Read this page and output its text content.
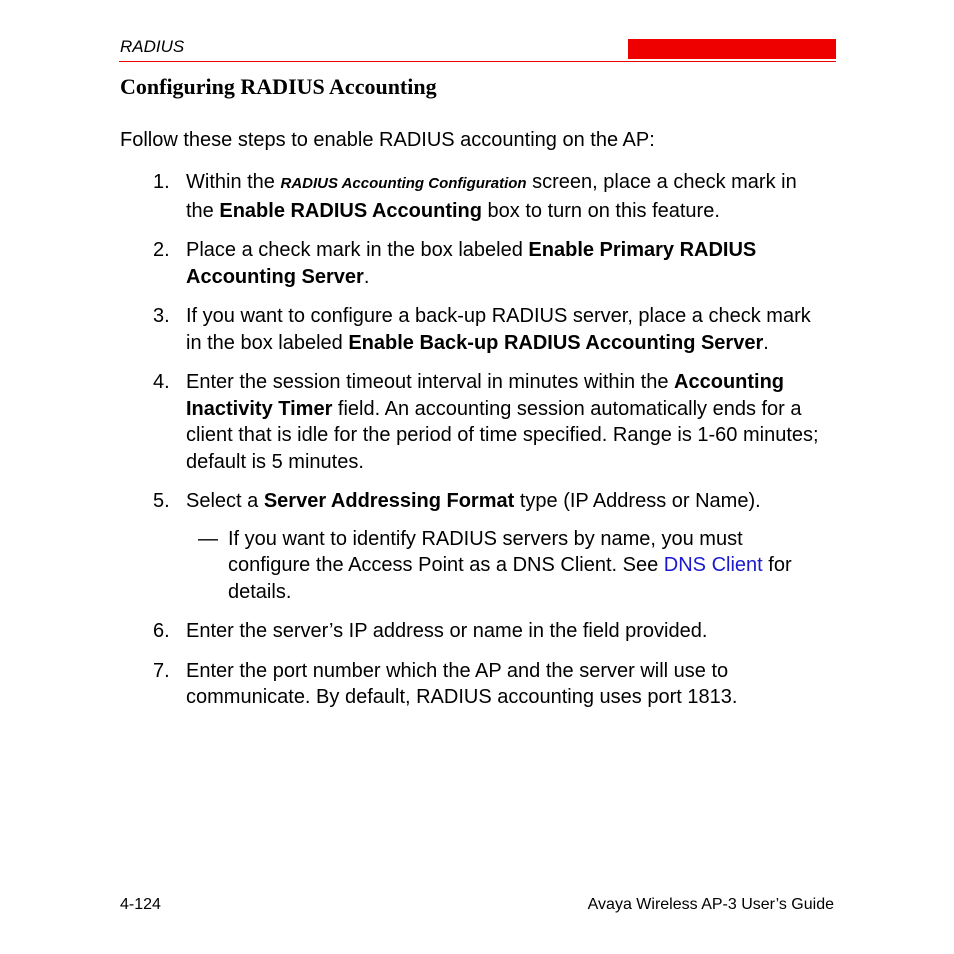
RADIUS
Configuring RADIUS Accounting
Follow these steps to enable RADIUS accounting on the AP:
1. Within the RADIUS Accounting Configuration screen, place a check mark in the Enable RADIUS Accounting box to turn on this feature.
2. Place a check mark in the box labeled Enable Primary RADIUS Accounting Server.
3. If you want to configure a back-up RADIUS server, place a check mark in the box labeled Enable Back-up RADIUS Accounting Server.
4. Enter the session timeout interval in minutes within the Accounting Inactivity Timer field. An accounting session automatically ends for a client that is idle for the period of time specified. Range is 1-60 minutes; default is 5 minutes.
5. Select a Server Addressing Format type (IP Address or Name).
— If you want to identify RADIUS servers by name, you must configure the Access Point as a DNS Client. See DNS Client for details.
6. Enter the server’s IP address or name in the field provided.
7. Enter the port number which the AP and the server will use to communicate. By default, RADIUS accounting uses port 1813.
4-124	Avaya Wireless AP-3 User’s Guide
